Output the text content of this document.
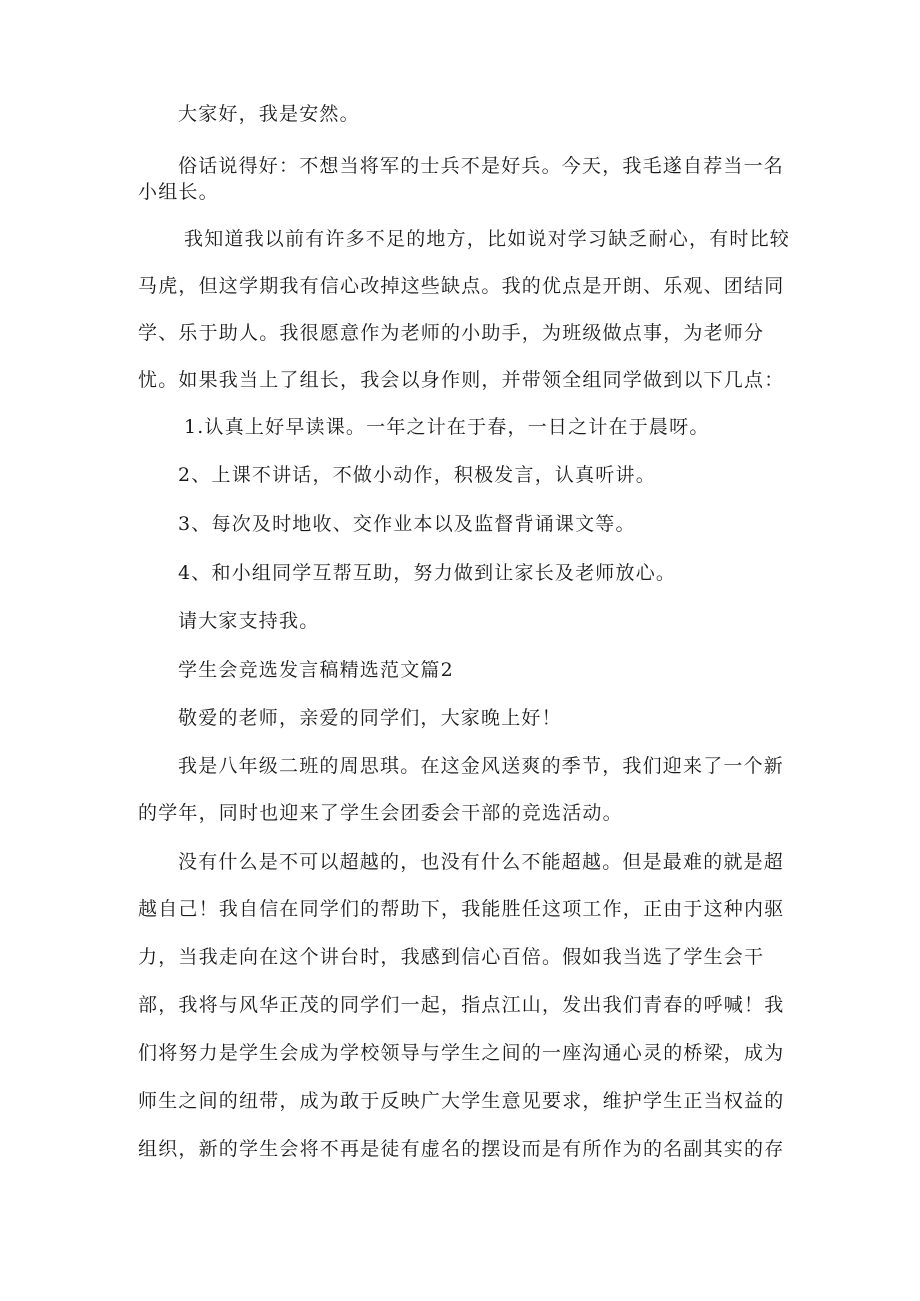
大家好，我是安然。
俗话说得好：不想当将军的士兵不是好兵。今天，我毛遂自荐当一名
小组长。
我知道我以前有许多不足的地方，比如说对学习缺乏耐心，有时比较
马虎，但这学期我有信心改掉这些缺点。我的优点是开朗、乐观、团结同
学、乐于助人。我很愿意作为老师的小助手，为班级做点事，为老师分
忧。如果我当上了组长，我会以身作则，并带领全组同学做到以下几点：
1.认真上好早读课。一年之计在于春，一日之计在于晨呀。
2、上课不讲话，不做小动作，积极发言，认真听讲。
3、每次及时地收、交作业本以及监督背诵课文等。
4、和小组同学互帮互助，努力做到让家长及老师放心。
请大家支持我。
学生会竞选发言稿精选范文篇2
敬爱的老师，亲爱的同学们，大家晚上好！
我是八年级二班的周思琪。在这金风送爽的季节，我们迎来了一个新
的学年，同时也迎来了学生会团委会干部的竞选活动。
没有什么是不可以超越的，也没有什么不能超越。但是最难的就是超
越自己！我自信在同学们的帮助下，我能胜任这项工作，正由于这种内驱
力，当我走向在这个讲台时，我感到信心百倍。假如我当选了学生会干
部，我将与风华正茂的同学们一起，指点江山，发出我们青春的呼喊！我
们将努力是学生会成为学校领导与学生之间的一座沟通心灵的桥梁，成为
师生之间的纽带，成为敢于反映广大学生意见要求，维护学生正当权益的
组织，新的学生会将不再是徒有虚名的摆设而是有所作为的名副其实的存
